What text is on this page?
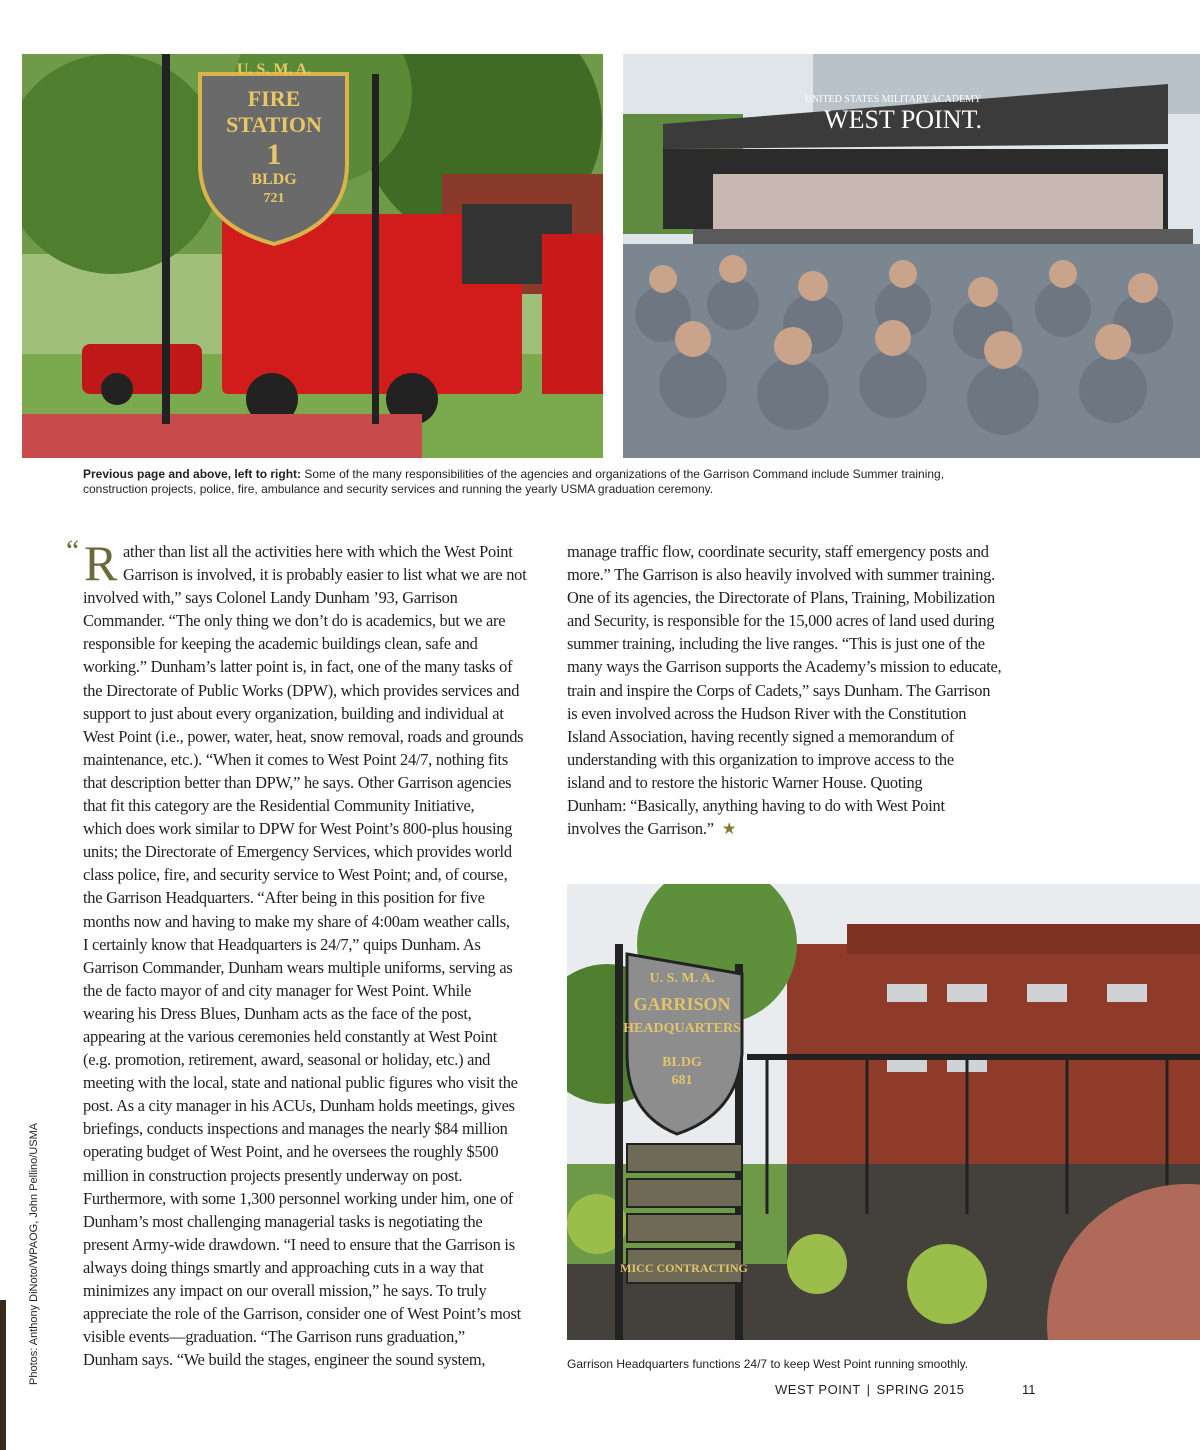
U. S. M. A.
FIRE
STATION
1
BLDG
721
UNITED STATES MILITARY ACADEMY
WEST POINT.
Previous page and above, left to right: Some of the many responsibilities of the agencies and organizations of the Garrison Command include Summer training,
construction projects, police, fire, ambulance and security services and running the yearly USMA graduation ceremony.
“ R ather than list all the activities here with which the West Point
Garrison is involved, it is probably easier to list what we are not
involved with,” says Colonel Landy Dunham ’93, Garrison
Commander. “The only thing we don’t do is academics, but we are
responsible for keeping the academic buildings clean, safe and
working.” Dunham’s latter point is, in fact, one of the many tasks of
the Directorate of Public Works (DPW), which provides services and
support to just about every organization, building and individual at
West Point (i.e., power, water, heat, snow removal, roads and grounds
maintenance, etc.). “When it comes to West Point 24/7, nothing fits
that description better than DPW,” he says. Other Garrison agencies
that fit this category are the Residential Community Initiative,
which does work similar to DPW for West Point’s 800-plus housing
units; the Directorate of Emergency Services, which provides world
class police, fire, and security service to West Point; and, of course,
the Garrison Headquarters. “After being in this position for five
months now and having to make my share of 4:00am weather calls,
I certainly know that Headquarters is 24/7,” quips Dunham. As
Garrison Commander, Dunham wears multiple uniforms, serving as
the de facto mayor of and city manager for West Point. While
wearing his Dress Blues, Dunham acts as the face of the post,
appearing at the various ceremonies held constantly at West Point
(e.g. promotion, retirement, award, seasonal or holiday, etc.) and
meeting with the local, state and national public figures who visit the
post. As a city manager in his ACUs, Dunham holds meetings, gives
briefings, conducts inspections and manages the nearly $84 million
operating budget of West Point, and he oversees the roughly $500
million in construction projects presently underway on post.
Furthermore, with some 1,300 personnel working under him, one of
Dunham’s most challenging managerial tasks is negotiating the
present Army-wide drawdown. “I need to ensure that the Garrison is
always doing things smartly and approaching cuts in a way that
minimizes any impact on our overall mission,” he says. To truly
appreciate the role of the Garrison, consider one of West Point’s most
visible events—graduation. “The Garrison runs graduation,”
Dunham says. “We build the stages, engineer the sound system,
manage traffic flow, coordinate security, staff emergency posts and
more.” The Garrison is also heavily involved with summer training.
One of its agencies, the Directorate of Plans, Training, Mobilization
and Security, is responsible for the 15,000 acres of land used during
summer training, including the live ranges. “This is just one of the
many ways the Garrison supports the Academy’s mission to educate,
train and inspire the Corps of Cadets,” says Dunham. The Garrison
is even involved across the Hudson River with the Constitution
Island Association, having recently signed a memorandum of
understanding with this organization to improve access to the
island and to restore the historic Warner House. Quoting
Dunham: “Basically, anything having to do with West Point
involves the Garrison.” ★
U. S. M. A.
GARRISON
HEADQUARTERS
BLDG
681
MICC CONTRACTING
Garrison Headquarters functions 24/7 to keep West Point running smoothly.
Photos: Anthony DiNoto/WPAOG, John Pellino/USMA
WEST POINT | SPRING 2015	11
